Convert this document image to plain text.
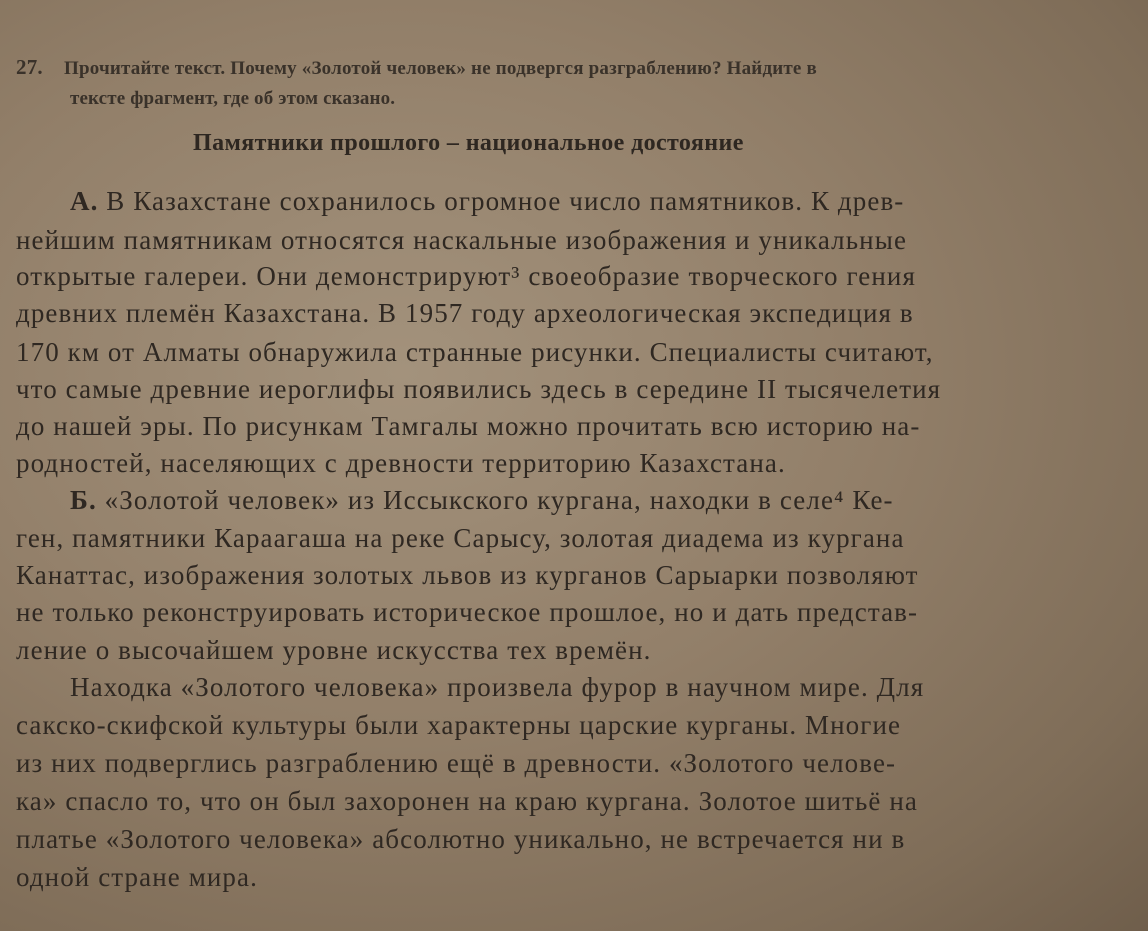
27. Прочитайте текст. Почему «Золотой человек» не подвергся разграблению? Найдите в
тексте фрагмент, где об этом сказано.
Памятники прошлого – национальное достояние
А. В Казахстане сохранилось огромное число памятников. К древ-
нейшим памятникам относятся наскальные изображения и уникальные
открытые галереи. Они демонстрируют³ своеобразие творческого гения
древних племён Казахстана. В 1957 году археологическая экспедиция в
170 км от Алматы обнаружила странные рисунки. Специалисты считают,
что самые древние иероглифы появились здесь в середине II тысячелетия
до нашей эры. По рисункам Тамгалы можно прочитать всю историю на-
родностей, населяющих с древности территорию Казахстана.
Б. «Золотой человек» из Иссыкского кургана, находки в селе⁴ Ке-
ген, памятники Караагаша на реке Сарысу, золотая диадема из кургана
Канаттас, изображения золотых львов из курганов Сарыарки позволяют
не только реконструировать историческое прошлое, но и дать представ-
ление о высочайшем уровне искусства тех времён.
Находка «Золотого человека» произвела фурор в научном мире. Для
сакско-скифской культуры были характерны царские курганы. Многие
из них подверглись разграблению ещё в древности. «Золотого челове-
ка» спасло то, что он был захоронен на краю кургана. Золотое шитьё на
платье «Золотого человека» абсолютно уникально, не встречается ни в
одной стране мира.
